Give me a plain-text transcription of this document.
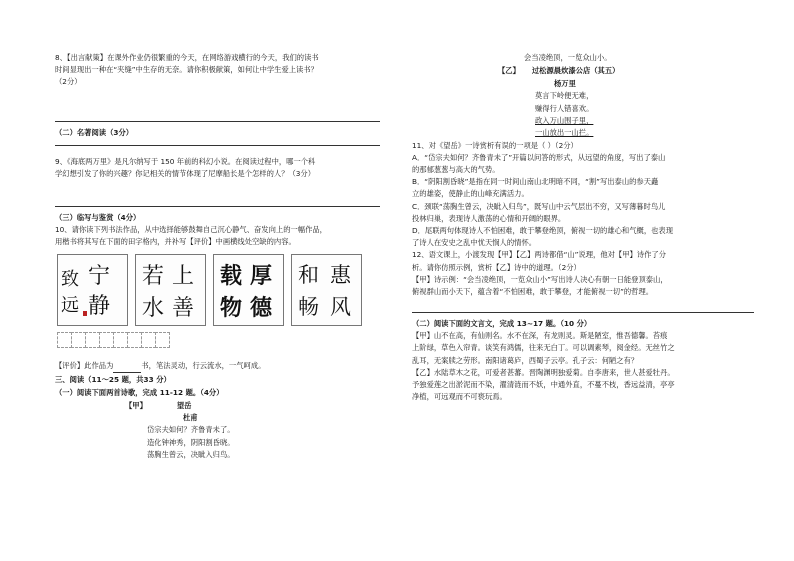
8、【出言献策】在课外作业仍很繁重的今天，在网络游戏横行的今天，我们的读书

时间显现出一种在“夹缝”中生存的无奈。请你积极献策，如何让中学生爱上读书？

（2分）

（二）名著阅读（3分）

9、《海底两万里》是凡尔纳写于 150 年前的科幻小说。在阅读过程中，哪一个科

学幻想引发了你的兴趣？你记相关的情节体现了尼摩船长是个怎样的人？（3分）

（三）临写与鉴赏（4分）

10、请你读下列书法作品，从中选择能够鼓舞自己沉心静气、奋发向上的一幅作品，

用楷书将其写在下面的田字格内，并补写【评价】中画横线处空缺的内容。

宁
静
致
远
上
善
若
水
厚
德
载
物
惠
风
和
畅

【评价】此作品为	书，笔法灵动，行云流水，一气呵成。

三、阅读（11～25 题，共33 分）

（一）阅读下面两首诗歌，完成 11-12 题。（4分）

【甲】	望岳

杜甫

岱宗夫如何？齐鲁青未了。

造化钟神秀，阴阳割昏晓。

荡胸生曾云，决眦入归鸟。

会当凌绝顶，一览众山小。

【乙】 过松源晨炊漆公店（其五）

杨万里

莫言下岭便无难，

赚得行人错喜欢。

政入万山围子里，

一山放出一山拦。

11、对《望岳》一诗赏析有误的一项是（ ）（2分）

A．“岱宗夫如何？齐鲁青未了”开篇以问答的形式，从远望的角度，写出了泰山

的那郁葱葱与高大的气势。

B．“阴阳割昏晓”是指在同一时间山南山北明暗不同，“割”写出泰山的参天矗

立的雄姿，使静止的山峰充满活力。

C．颈联“荡胸生曾云，决眦入归鸟”，既写山中云气层出不穷，又写薄暮时鸟儿

投林归巢，表现诗人激荡的心情和开阔的眼界。

D．尾联两句体现诗人不怕困难，敢于攀登绝顶，俯视一切的雄心和气概，也表现

了诗人在安史之乱中忧天悯人的情怀。

12、语文课上，小渡发现【甲】【乙】两诗都借“山”说理，他对【甲】诗作了分

析。请你仿照示例，赏析【乙】诗中的道理。（2分）

【甲】诗示例：“会当凌绝顶，一览众山小”写出诗人决心有朝一日能登顶泰山，

俯视群山而小天下，蕴含着“不怕困难，敢于攀登，才能俯视一切”的哲理。

（二）阅读下面的文言文，完成 13~17 题。（10 分）

【甲】山不在高，有仙则名。水不在深，有龙则灵。斯是陋室，惟吾德馨。苔痕

上阶绿，草色入帘青。谈笑有鸿儒，往来无白丁。可以调素琴，阅金经。无丝竹之

乱耳，无案牍之劳形。南阳诸葛庐，西蜀子云亭。孔子云：何陋之有？

【乙】水陆草木之花，可爱者甚蕃。晋陶渊明独爱菊。自李唐来，世人甚爱牡丹。

予独爱莲之出淤泥而不染，濯清涟而不妖，中通外直，不蔓不枝，香远益清，亭亭

净植，可远观而不可亵玩焉。
